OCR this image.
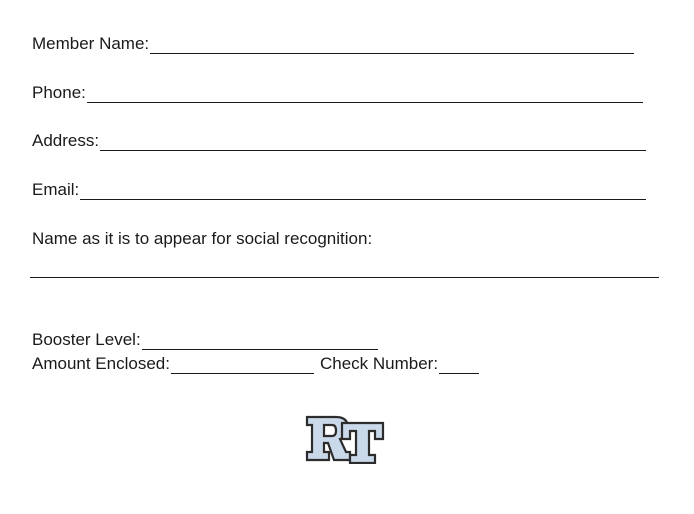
Member Name:
Phone:
Address:
Email:
Name as it is to appear for social recognition:
Booster Level:
Amount Enclosed:	Check Number:
